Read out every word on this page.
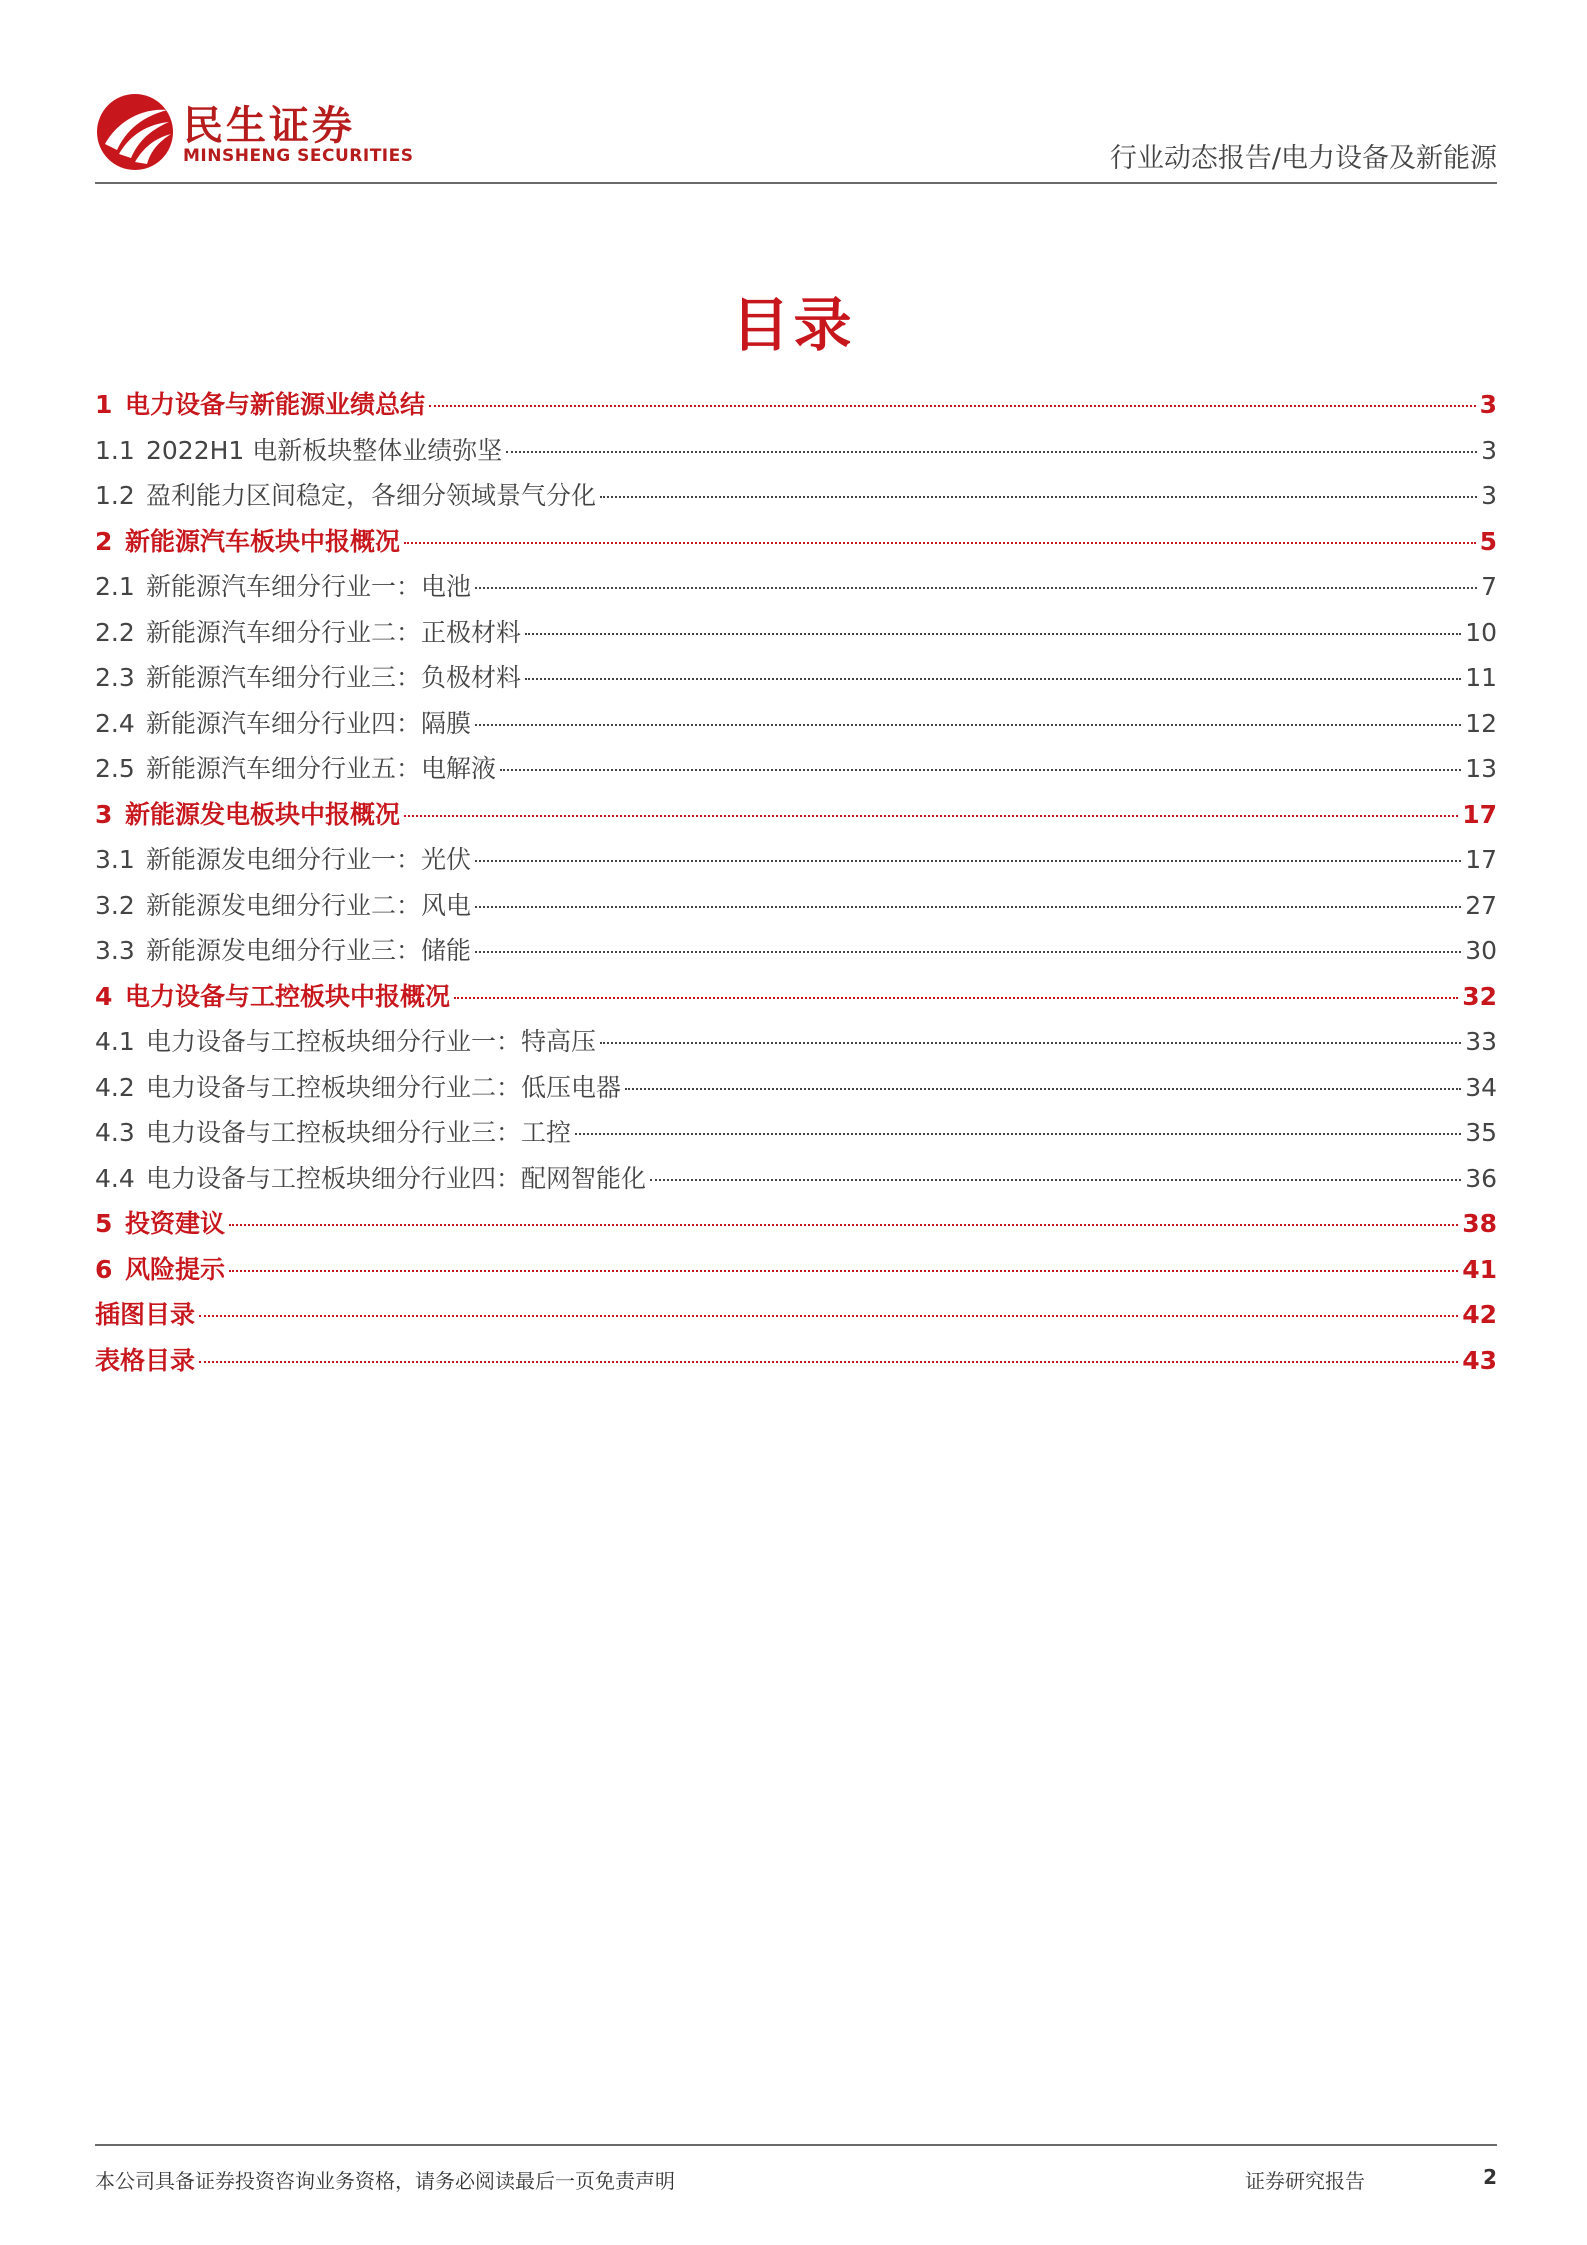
民生证券
MINSHENG SECURITIES	行业动态报告/电力设备及新能源
目录
1 电力设备与新能源业绩总结	3
1.1 2022H1 电新板块整体业绩弥坚	3
1.2 盈利能力区间稳定，各细分领域景气分化	3
2 新能源汽车板块中报概况	5
2.1 新能源汽车细分行业一：电池	7
2.2 新能源汽车细分行业二：正极材料	10
2.3 新能源汽车细分行业三：负极材料	11
2.4 新能源汽车细分行业四：隔膜	12
2.5 新能源汽车细分行业五：电解液	13
3 新能源发电板块中报概况	17
3.1 新能源发电细分行业一：光伏	17
3.2 新能源发电细分行业二：风电	27
3.3 新能源发电细分行业三：储能	30
4 电力设备与工控板块中报概况	32
4.1 电力设备与工控板块细分行业一：特高压	33
4.2 电力设备与工控板块细分行业二：低压电器	34
4.3 电力设备与工控板块细分行业三：工控	35
4.4 电力设备与工控板块细分行业四：配网智能化	36
5 投资建议	38
6 风险提示	41
插图目录	42
表格目录	43
本公司具备证券投资咨询业务资格，请务必阅读最后一页免责声明	证券研究报告	2
